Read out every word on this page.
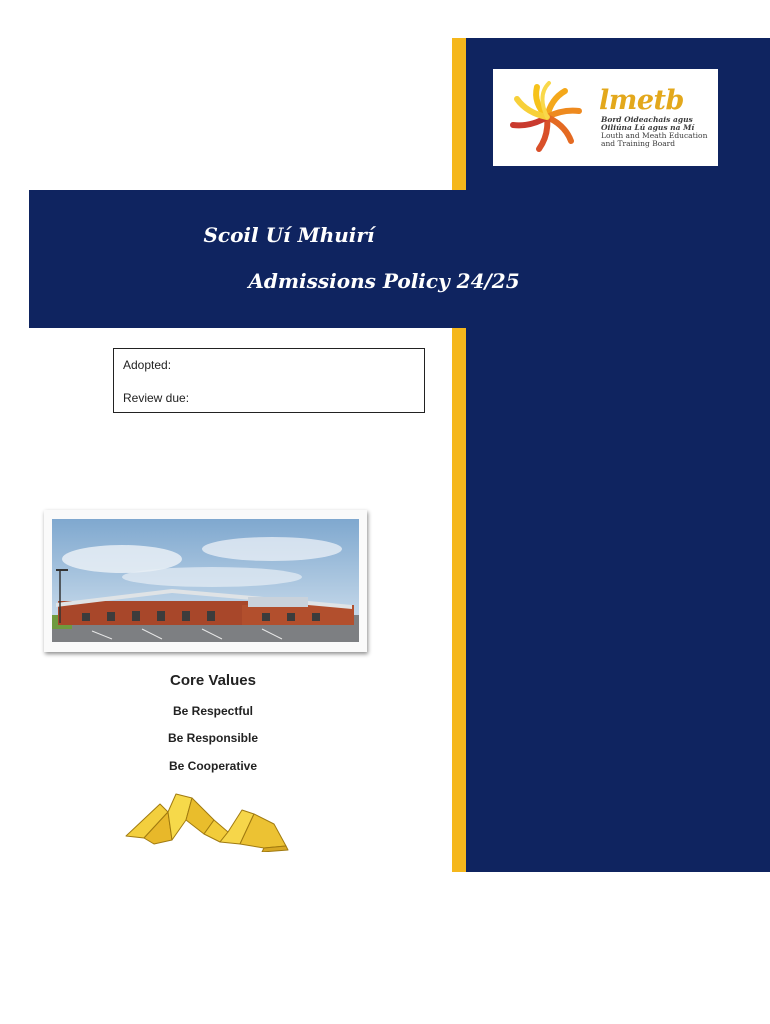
lmetb
Bord Oideachais agus
Oiliúna Lú agus na Mí
Louth and Meath Education
and Training Board
Scoil Uí Mhuirí
Admissions Policy 24/25
Adopted:
Review due:
Core Values
Be Respectful
Be Responsible
Be Cooperative
